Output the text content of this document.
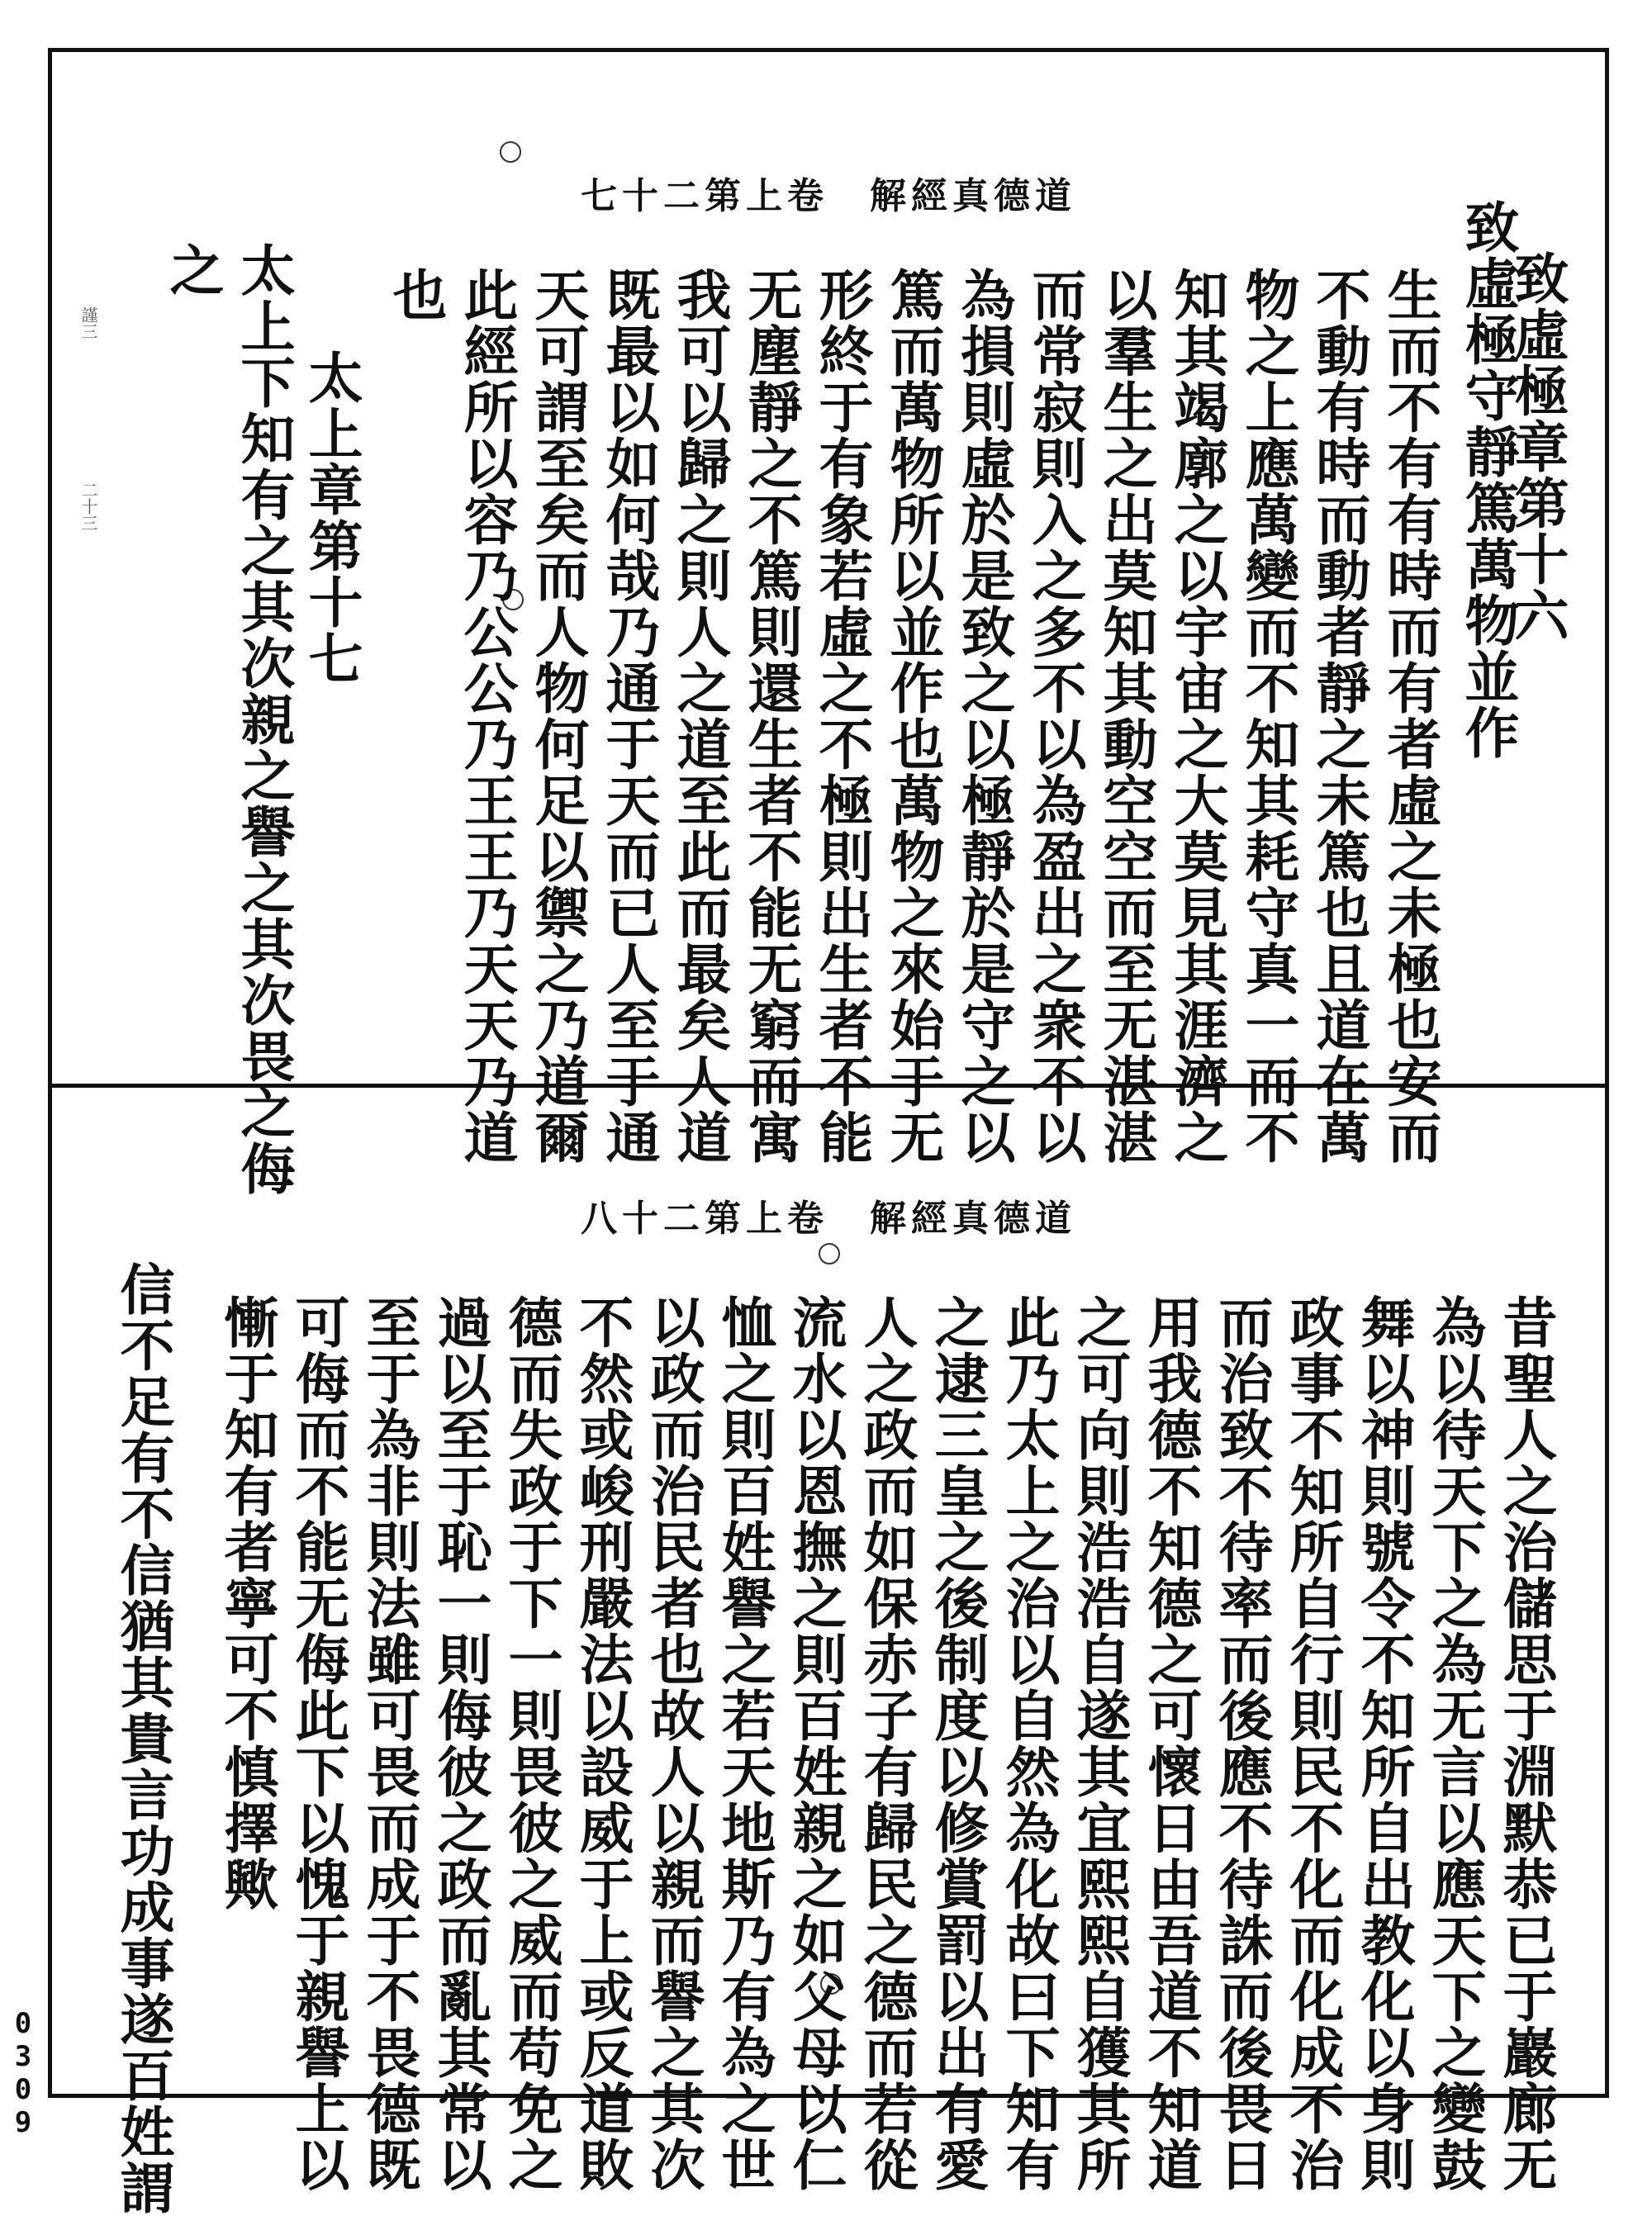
七十二第上卷　解經真德道
謹三
二十三	致虛極章第十六
致虛極守靜篤萬物並作
生而不有有時而有者虛之未極也安而
不動有時而動者靜之未篤也且道在萬
物之上應萬變而不知其耗守真一而不
知其竭廓之以宇宙之大莫見其涯濟之
以羣生之出莫知其動空空而至无湛湛
而常寂則入之多不以為盈出之衆不以
為損則虛於是致之以極靜於是守之以
篤而萬物所以並作也萬物之來始于无
形終于有象若虛之不極則出生者不能
无塵靜之不篤則還生者不能无窮而寓
我可以歸之則人之道至此而最矣人道
既最以如何哉乃通于天而已人至于通
天可謂至矣而人物何足以禦之乃道爾
此經所以容乃公公乃王王乃天天乃道
也
太上章第十七
太上下知有之其次親之譽之其次畏之侮
之
八十二第上卷　解經真德道
昔聖人之治儲思于淵默恭已于巖廊无
為以待天下之為无言以應天下之變鼓
舞以神則號令不知所自出教化以身則
政事不知所自行則民不化而化成不治
而治致不待率而後應不待誅而後畏日
用我德不知德之可懷日由吾道不知道
之可向則浩浩自遂其宜熙熙自獲其所
此乃太上之治以自然為化故曰下知有
之逮三皇之後制度以修賞罰以出有愛
人之政而如保赤子有歸民之德而若從
流水以恩撫之則百姓親之如父母以仁
恤之則百姓譽之若天地斯乃有為之世
以政而治民者也故人以親而譽之其次
不然或峻刑嚴法以設威于上或反道敗
德而失政于下一則畏彼之威而苟免之
過以至于恥一則侮彼之政而亂其常以
至于為非則法雖可畏而成于不畏德既
可侮而不能无侮此下以愧于親譽上以
慚于知有者寧可不慎擇歟
信不足有不信猶其貴言功成事遂百姓謂
0309
